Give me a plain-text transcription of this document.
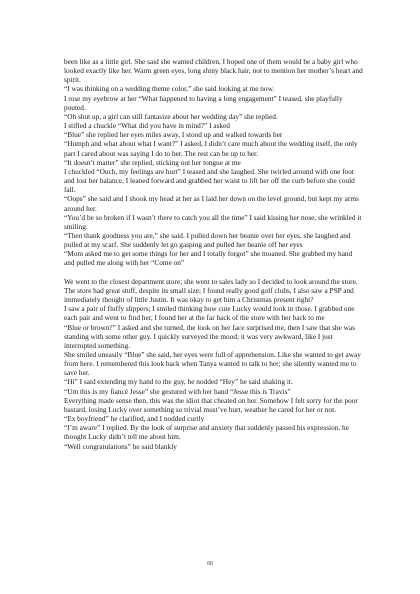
been like as a little girl. She said she wanted children, I hoped one of them would be a baby girl who looked exactly like her. Warm green eyes, long shiny black hair, not to mention her mother’s heart and spirit.

“I was thinking on a wedding theme color,” she said looking at me now.

I rose my eyebrow at her “What happened to having a long engagement” I teased, she playfully pouted.

“Oh shut up, a girl can still fantasize about her wedding day” she replied.

I stifled a chuckle “What did you have in mind?” I asked

“Blue” she replied her eyes miles away, I stood up and walked towards her

“Humph and what about what I want?” I asked, I didn’t care much about the wedding itself, the only part I cared about was saying I do to her. The rest can be up to her.

“It doesn’t matter” she replied, sticking out her tongue at me

I chuckled “Ouch, my feelings are hurt” I teased and she laughed. She twirled around with one foot and lost her balance, I leaned forward and grabbed her waist to lift her off the curb before she could fall.

“Oops” she said and I shook my head at her as I laid her down on the level ground, but kept my arms around her.

“You’d be so broken if I wasn’t there to catch you all the time” I said kissing her nose, she wrinkled it smiling.

“Then thank goodness you are,” she said. I pulled down her beanie over her eyes, she laughed and pulled at my scarf. She suddenly let go gasping and pulled her beanie off her eyes

“Mom asked me to get some things for her and I totally forgot” she moaned. She grabbed my hand and pulled me along with her “Come on”

We went to the closest department store; she went to sales lady so I decided to look around the store. The store had great stuff, despite its small size; I found really good golf clubs, I also saw a PSP and immediately thought of little Justin. It was okay to get him a Christmas present right?

I saw a pair of fluffy slippers; I smiled thinking how cute Lucky would look in those. I grabbed one each pair and went to find her, I found her at the far back of the store with her back to me

“Blue or brown?” I asked and she turned, the look on her face surprised me, then I saw that she was standing with some other guy. I quickly surveyed the mood; it was very awkward, like I just interrupted something.

She smiled uneasily “Blue” she said, her eyes were full of apprehension. Like she wanted to get away from here. I remembered this look back when Tanya wanted to talk to her; she silently wanted me to save her.

“Hi” I said extending my hand to the guy, he nodded “Hey” he said shaking it.

“Um this is my fiancé Jesse” she gestured with her hand “Jesse this is Travis”

Everything made sense then, this was the idiot that cheated on her. Somehow I felt sorry for the poor bastard, losing Lucky over something so trivial must’ve hurt, weather he cared for her or not.

“Ex boyfriend” he clarified, and I nodded curtly

“I’m aware” I replied. By the look of surprise and anxiety that suddenly passed his expression, he thought Lucky didn’t tell me about him.

“Well congratulations” he said blankly

88
